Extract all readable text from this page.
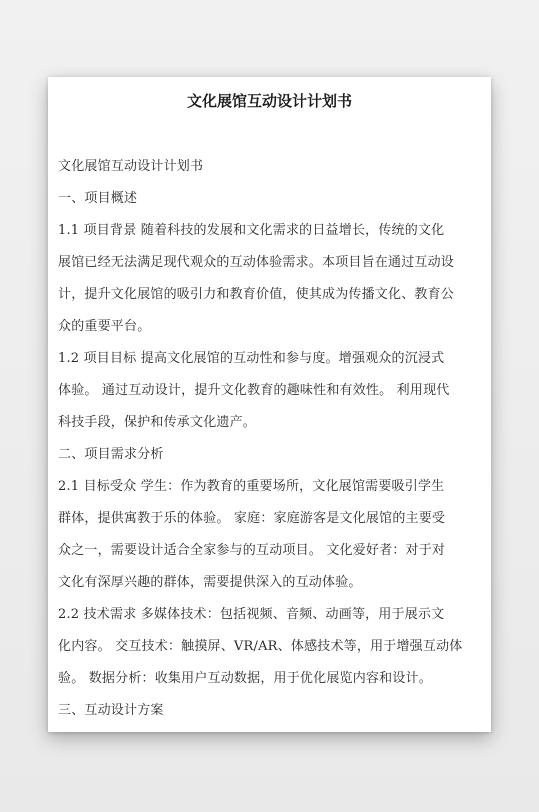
文化展馆互动设计计划书
文化展馆互动设计计划书
一、项目概述
1.1 项目背景 随着科技的发展和文化需求的日益增长，传统的文化
展馆已经无法满足现代观众的互动体验需求。本项目旨在通过互动设
计，提升文化展馆的吸引力和教育价值，使其成为传播文化、教育公
众的重要平台。
1.2 项目目标 提高文化展馆的互动性和参与度。增强观众的沉浸式
体验。 通过互动设计，提升文化教育的趣味性和有效性。 利用现代
科技手段，保护和传承文化遗产。
二、项目需求分析
2.1 目标受众 学生：作为教育的重要场所，文化展馆需要吸引学生
群体，提供寓教于乐的体验。 家庭：家庭游客是文化展馆的主要受
众之一，需要设计适合全家参与的互动项目。 文化爱好者：对于对
文化有深厚兴趣的群体，需要提供深入的互动体验。
2.2 技术需求 多媒体技术：包括视频、音频、动画等，用于展示文
化内容。 交互技术：触摸屏、VR/AR、体感技术等，用于增强互动体
验。 数据分析：收集用户互动数据，用于优化展览内容和设计。
三、互动设计方案
